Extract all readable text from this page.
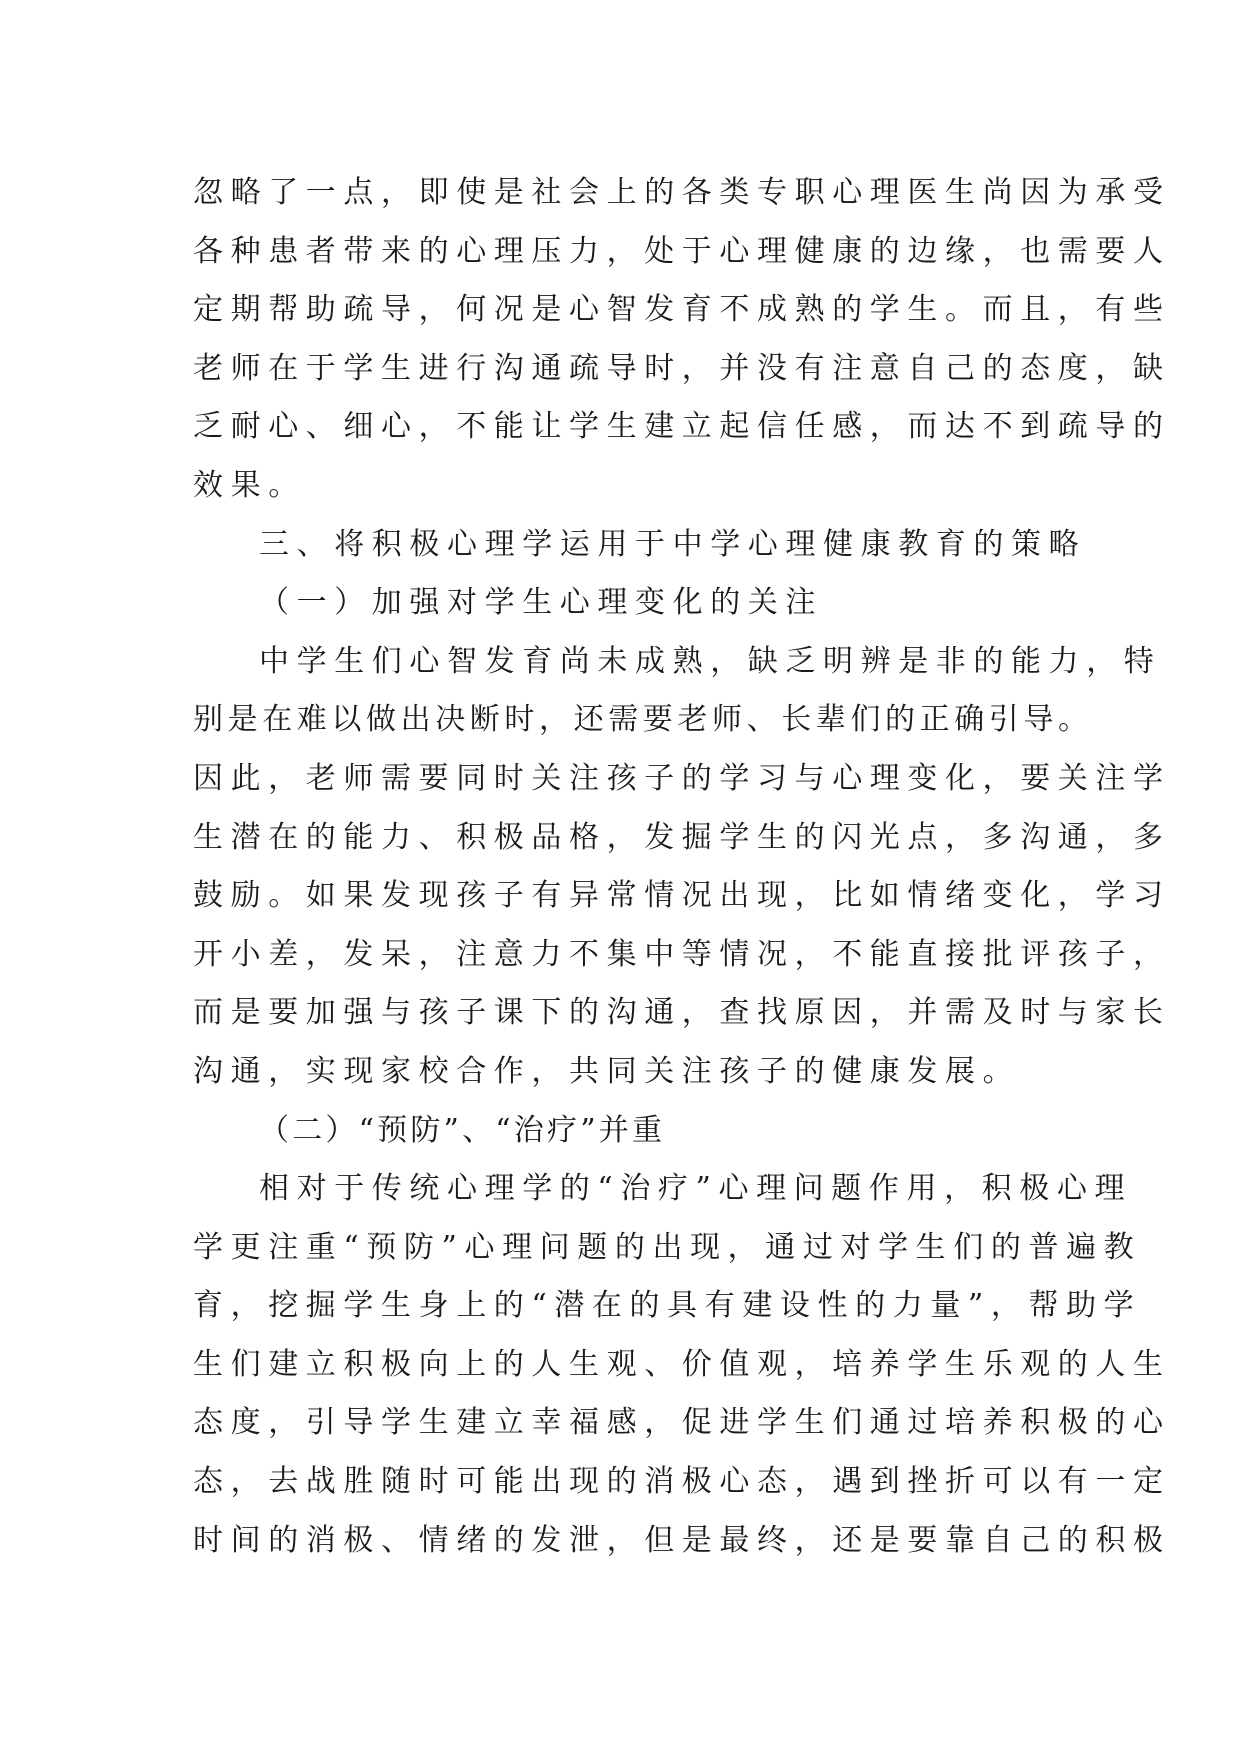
忽略了一点，即使是社会上的各类专职心理医生尚因为承受
各种患者带来的心理压力，处于心理健康的边缘，也需要人
定期帮助疏导，何况是心智发育不成熟的学生。而且，有些
老师在于学生进行沟通疏导时，并没有注意自己的态度，缺
乏耐心、细心，不能让学生建立起信任感，而达不到疏导的
效果。
三、将积极心理学运用于中学心理健康教育的策略
（一）加强对学生心理变化的关注
中学生们心智发育尚未成熟，缺乏明辨是非的能力，特
别是在难以做出决断时，还需要老师、长辈们的正确引导。
因此，老师需要同时关注孩子的学习与心理变化，要关注学
生潜在的能力、积极品格，发掘学生的闪光点，多沟通，多
鼓励。如果发现孩子有异常情况出现，比如情绪变化，学习
开小差，发呆，注意力不集中等情况，不能直接批评孩子，
而是要加强与孩子课下的沟通，查找原因，并需及时与家长
沟通，实现家校合作，共同关注孩子的健康发展。
（二）“预防”、“治疗”并重
相对于传统心理学的“治疗”心理问题作用，积极心理
学更注重“预防”心理问题的出现，通过对学生们的普遍教
育，挖掘学生身上的“潜在的具有建设性的力量”，帮助学
生们建立积极向上的人生观、价值观，培养学生乐观的人生
态度，引导学生建立幸福感，促进学生们通过培养积极的心
态，去战胜随时可能出现的消极心态，遇到挫折可以有一定
时间的消极、情绪的发泄，但是最终，还是要靠自己的积极
